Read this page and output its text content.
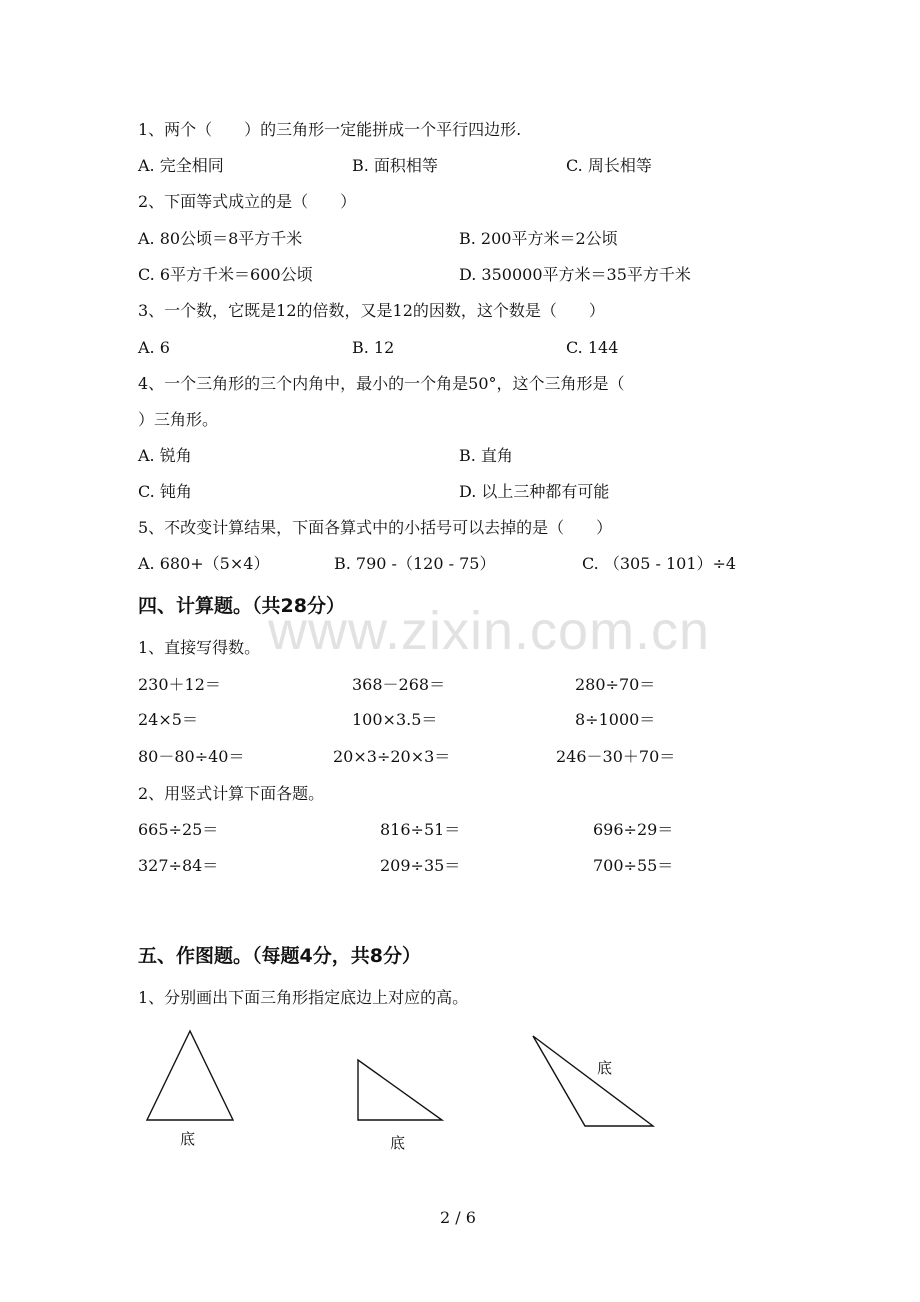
www.zixin.com.cn
1、两个（　　）的三角形一定能拼成一个平行四边形.
A. 完全相同	B. 面积相等	C. 周长相等
2、下面等式成立的是（　　）
A. 80公顷＝8平方千米	B. 200平方米＝2公顷
C. 6平方千米＝600公顷	D. 350000平方米＝35平方千米
3、一个数，它既是12的倍数，又是12的因数，这个数是（　　）
A. 6	B. 12	C. 144
4、一个三角形的三个内角中，最小的一个角是50°，这个三角形是（
）三角形。
A. 锐角	B. 直角
C. 钝角	D. 以上三种都有可能
5、不改变计算结果，下面各算式中的小括号可以去掉的是（　　）
A. 680+（5×4）	B. 790 -（120 - 75）	C. （305 - 101）÷4
四、计算题。（共28分）
1、直接写得数。
230＋12＝	368－268＝	280÷70＝
24×5＝	100×3.5＝	8÷1000＝
80－80÷40＝	20×3÷20×3＝	246－30＋70＝
2、用竖式计算下面各题。
665÷25＝	816÷51＝	696÷29＝
327÷84＝	209÷35＝	700÷55＝
五、作图题。（每题4分，共8分）
1、分别画出下面三角形指定底边上对应的高。
底	底
底
2 / 6
